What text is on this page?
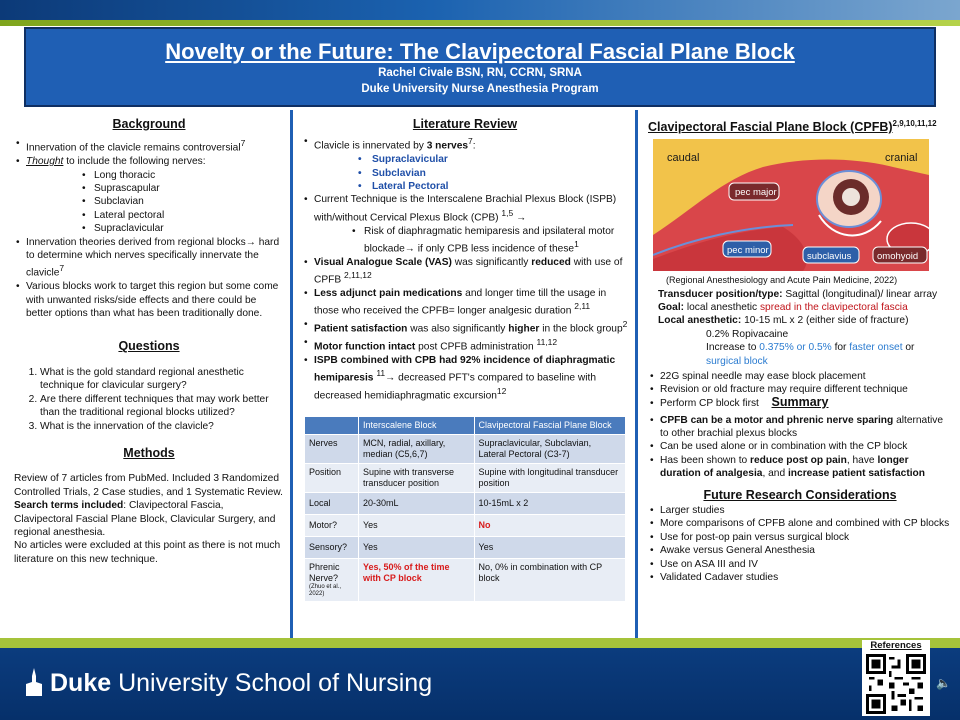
Novelty or the Future: The Clavipectoral Fascial Plane Block
Rachel Civale BSN, RN, CCRN, SRNA
Duke University Nurse Anesthesia Program
Background
• Innervation of the clavicle remains controversial$^7$
• Thought to include the following nerves:
• Long thoracic
• Suprascapular
• Subclavian
• Lateral pectoral
• Supraclavicular
• Innervation theories derived from regional blocks→ hard to determine which nerves specifically innervate the clavicle$^7$
• Various blocks work to target this region but some come with unwanted risks/side effects and there could be better options than what has been traditionally done.
Questions
1. What is the gold standard regional anesthetic technique for clavicular surgery?
2. Are there different techniques that may work better than the traditional regional blocks utilized?
3. What is the innervation of the clavicle?
Methods
Review of 7 articles from PubMed. Included 3 Randomized Controlled Trials, 2 Case studies, and 1 Systematic Review.
Search terms included: Clavipectoral Fascia, Clavipectoral Fascial Plane Block, Clavicular Surgery, and regional anesthesia.
No articles were excluded at this point as there is not much literature on this new technique.
Literature Review
• Clavicle is innervated by 3 nerves$^7$:
• Supraclavicular
• Subclavian
• Lateral Pectoral
• Current Technique is the Interscalene Brachial Plexus Block (ISPB) with/without Cervical Plexus Block (CPB) $^{1,5}$ →
• Risk of diaphragmatic hemiparesis and ipsilateral motor blockade→ if only CPB less incidence of these$^1$
• Visual Analogue Scale (VAS) was significantly reduced with use of CPFB $^{2,11,12}$
• Less adjunct pain medications and longer time till the usage in those who received the CPFB= longer analgesic duration $^{2,11}$
• Patient satisfaction was also significantly higher in the block group$^2$
• Motor function intact post CPFB administration $^{11,12}$
• ISPB combined with CPB had 92% incidence of diaphragmatic hemiparesis $^{11}$→ decreased PFT's compared to baseline with decreased hemidiaphragmatic excursion$^{12}$
	Interscalene Block	Clavipectoral Fascial Plane Block
Nerves	MCN, radial, axillary, median (C5,6,7)	Supraclavicular, Subclavian, Lateral Pectoral (C3-7)
Position	Supine with transverse transducer position	Supine with longitudinal transducer position
Local	20-30mL	10-15mL x 2
Motor?	Yes	No
Sensory?	Yes	Yes
Phrenic Nerve?
(Zhuo et al., 2022)	Yes, 50% of the time with CP block	No, 0% in combination with CP block
Clavipectoral Fascial Plane Block (CPFB)$^{2,9,10,11,12}$
caudal	cranial
pec major
pec minor
subclavius	omohyoid
(Regional Anesthesiology and Acute Pain Medicine, 2022)
Transducer position/type: Sagittal (longitudinal)/ linear array
Goal: local anesthetic spread in the clavipectoral fascia
Local anesthetic: 10-15 mL x 2 (either side of fracture)
0.2% Ropivacaine
Increase to 0.375% or 0.5% for faster onset or surgical block
• 22G spinal needle may ease block placement
• Revision or old fracture may require different technique
• Perform CP block first	Summary
• CPFB can be a motor and phrenic nerve sparing alternative to other brachial plexus blocks
• Can be used alone or in combination with the CP block
• Has been shown to reduce post op pain, have longer duration of analgesia, and increase patient satisfaction
Future Research Considerations
• Larger studies
• More comparisons of CPFB alone and combined with CP blocks
• Use for post-op pain versus surgical block
• Awake versus General Anesthesia
• Use on ASA III and IV
• Validated Cadaver studies
Duke University School of Nursing	🔈
References
